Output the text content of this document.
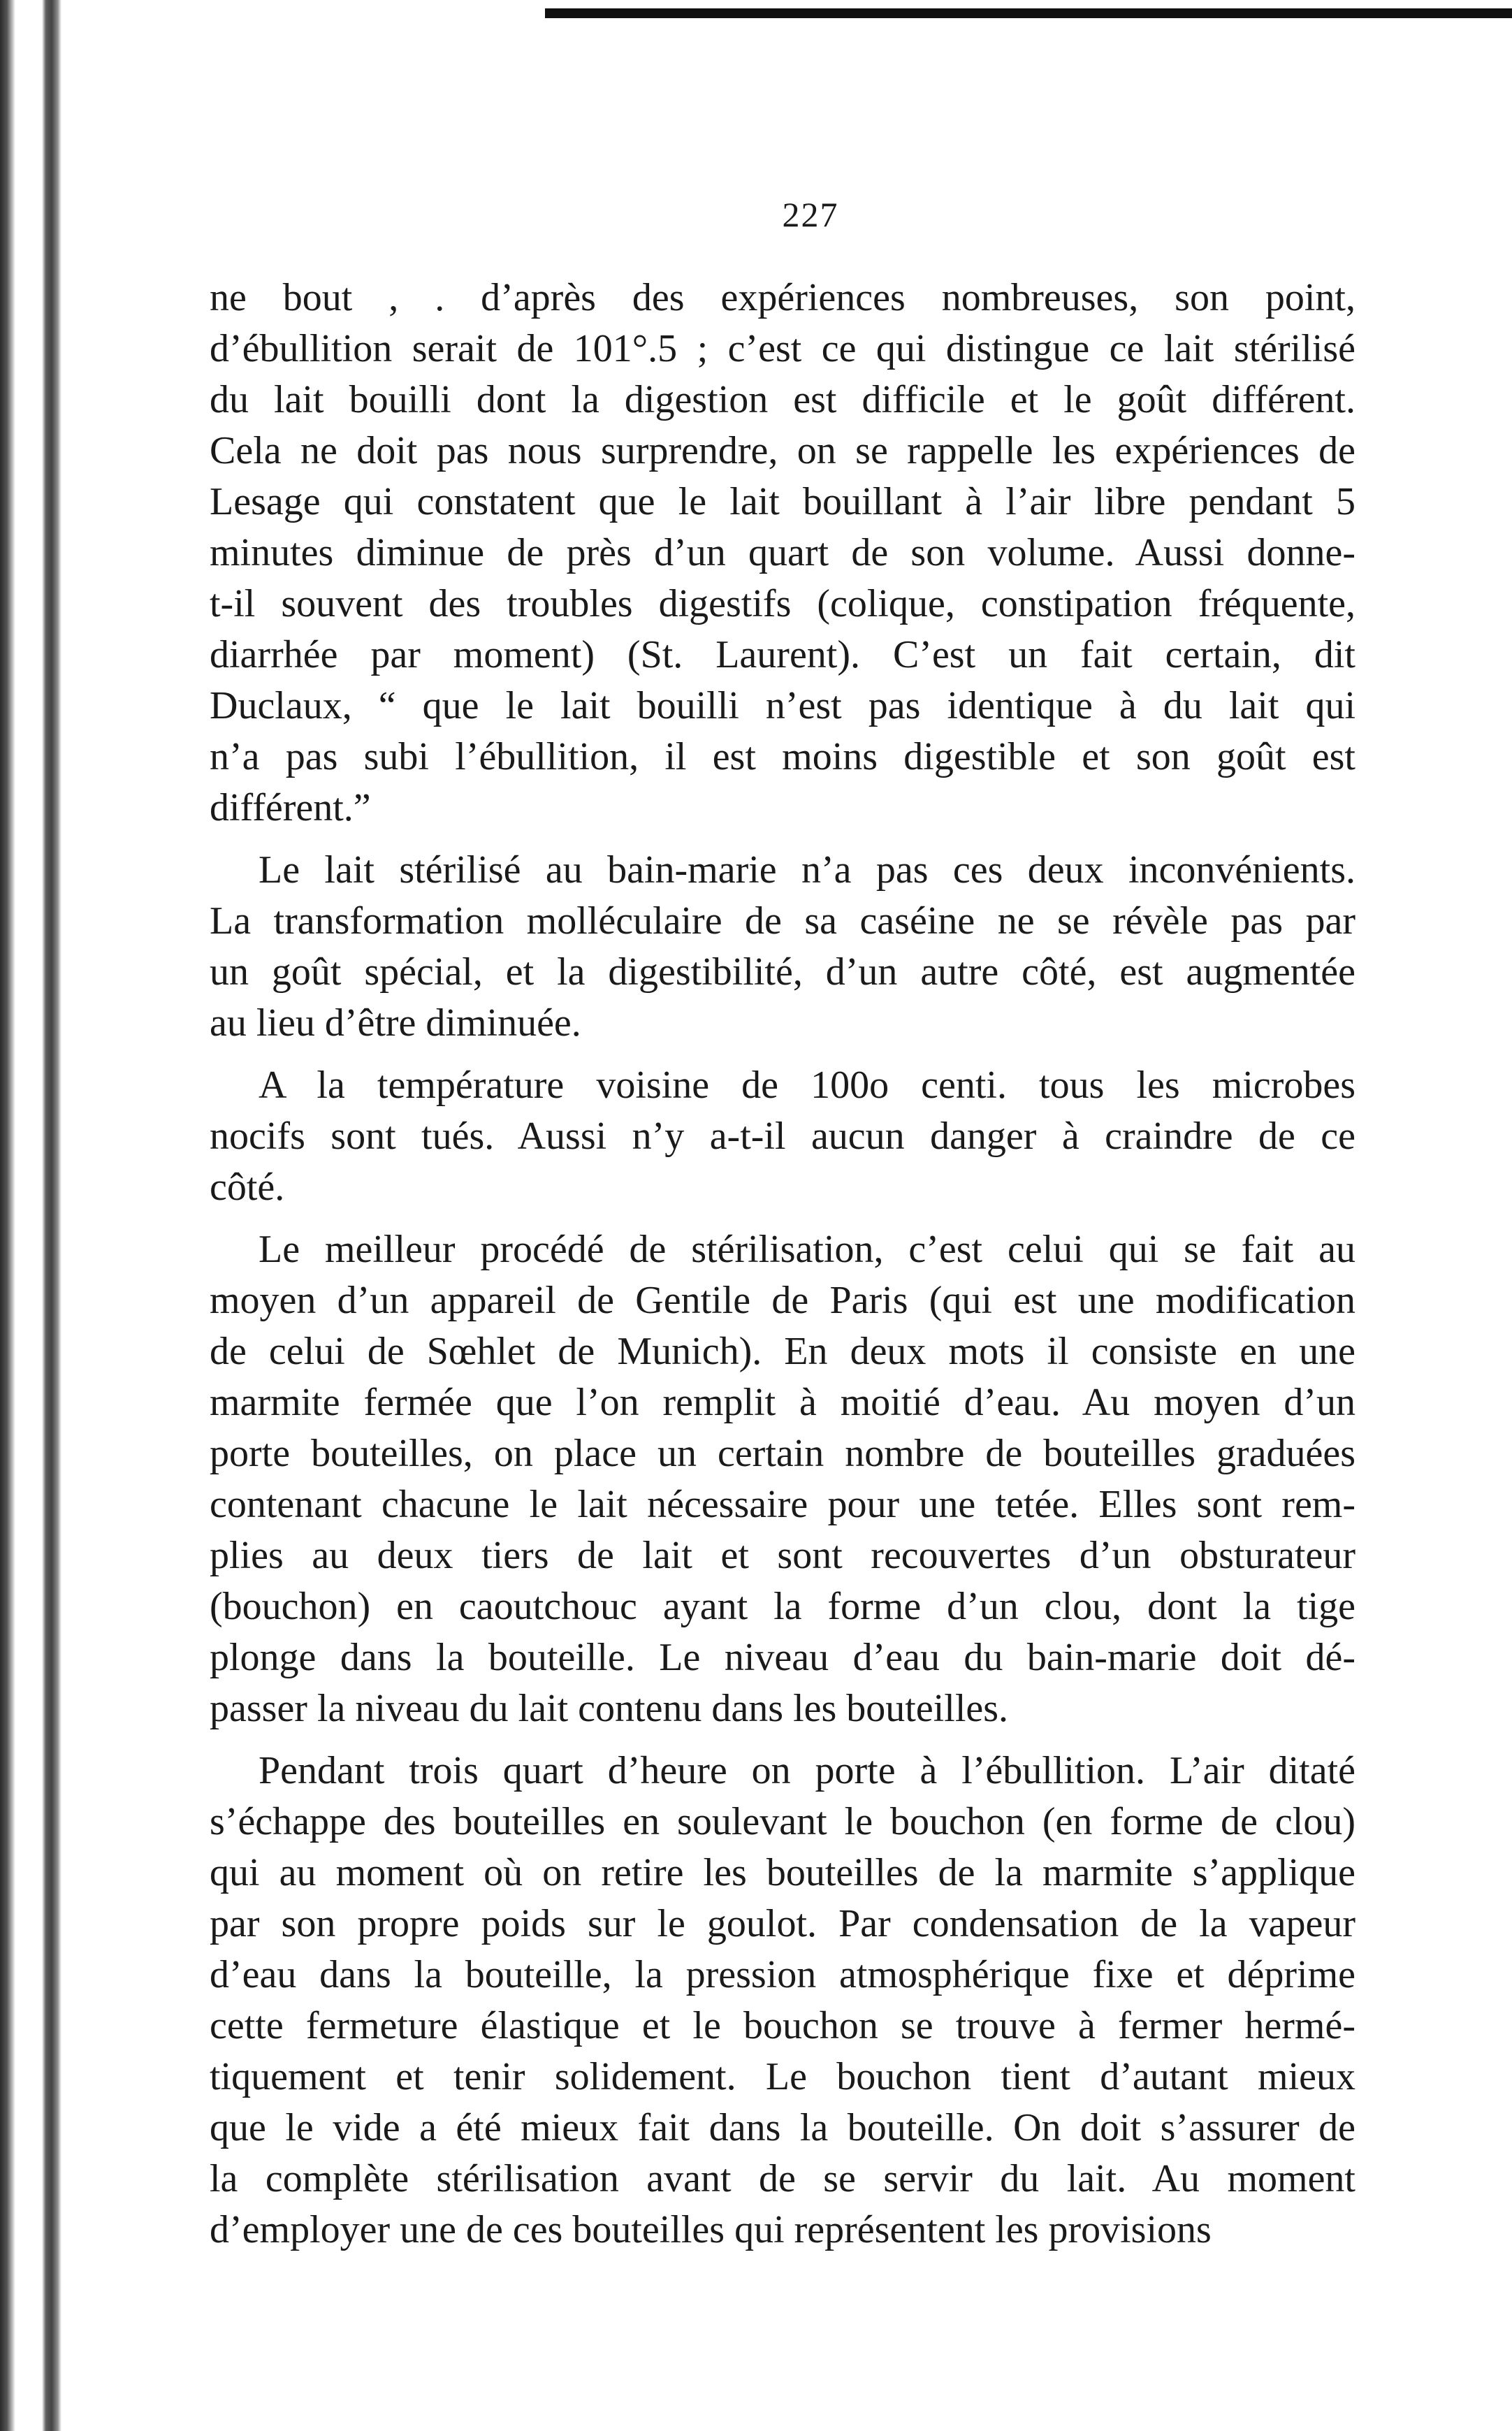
227
ne bout , . d’après des expériences nombreuses, son point,
d’ébullition serait de 101°.5 ; c’est ce qui distingue ce lait stérilisé
du lait bouilli dont la digestion est difficile et le goût différent.
Cela ne doit pas nous surprendre, on se rappelle les expériences de
Lesage qui constatent que le lait bouillant à l’air libre pendant 5
minutes diminue de près d’un quart de son volume. Aussi donne-
t-il souvent des troubles digestifs (colique, constipation fréquente,
diarrhée par moment) (St. Laurent). C’est un fait certain, dit
Duclaux, “ que le lait bouilli n’est pas identique à du lait qui
n’a pas subi l’ébullition, il est moins digestible et son goût est
différent.”
Le lait stérilisé au bain-marie n’a pas ces deux inconvénients.
La transformation molléculaire de sa caséine ne se révèle pas par
un goût spécial, et la digestibilité, d’un autre côté, est augmentée
au lieu d’être diminuée.
A la température voisine de 100o centi. tous les microbes
nocifs sont tués. Aussi n’y a-t-il aucun danger à craindre de ce
côté.
Le meilleur procédé de stérilisation, c’est celui qui se fait au
moyen d’un appareil de Gentile de Paris (qui est une modification
de celui de Sœhlet de Munich). En deux mots il consiste en une
marmite fermée que l’on remplit à moitié d’eau. Au moyen d’un
porte bouteilles, on place un certain nombre de bouteilles graduées
contenant chacune le lait nécessaire pour une tetée. Elles sont rem-
plies au deux tiers de lait et sont recouvertes d’un obsturateur
(bouchon) en caoutchouc ayant la forme d’un clou, dont la tige
plonge dans la bouteille. Le niveau d’eau du bain-marie doit dé-
passer la niveau du lait contenu dans les bouteilles.
Pendant trois quart d’heure on porte à l’ébullition. L’air ditaté
s’échappe des bouteilles en soulevant le bouchon (en forme de clou)
qui au moment où on retire les bouteilles de la marmite s’applique
par son propre poids sur le goulot. Par condensation de la vapeur
d’eau dans la bouteille, la pression atmosphérique fixe et déprime
cette fermeture élastique et le bouchon se trouve à fermer hermé-
tiquement et tenir solidement. Le bouchon tient d’autant mieux
que le vide a été mieux fait dans la bouteille. On doit s’assurer de
la complète stérilisation avant de se servir du lait. Au moment
d’employer une de ces bouteilles qui représentent les provisions
